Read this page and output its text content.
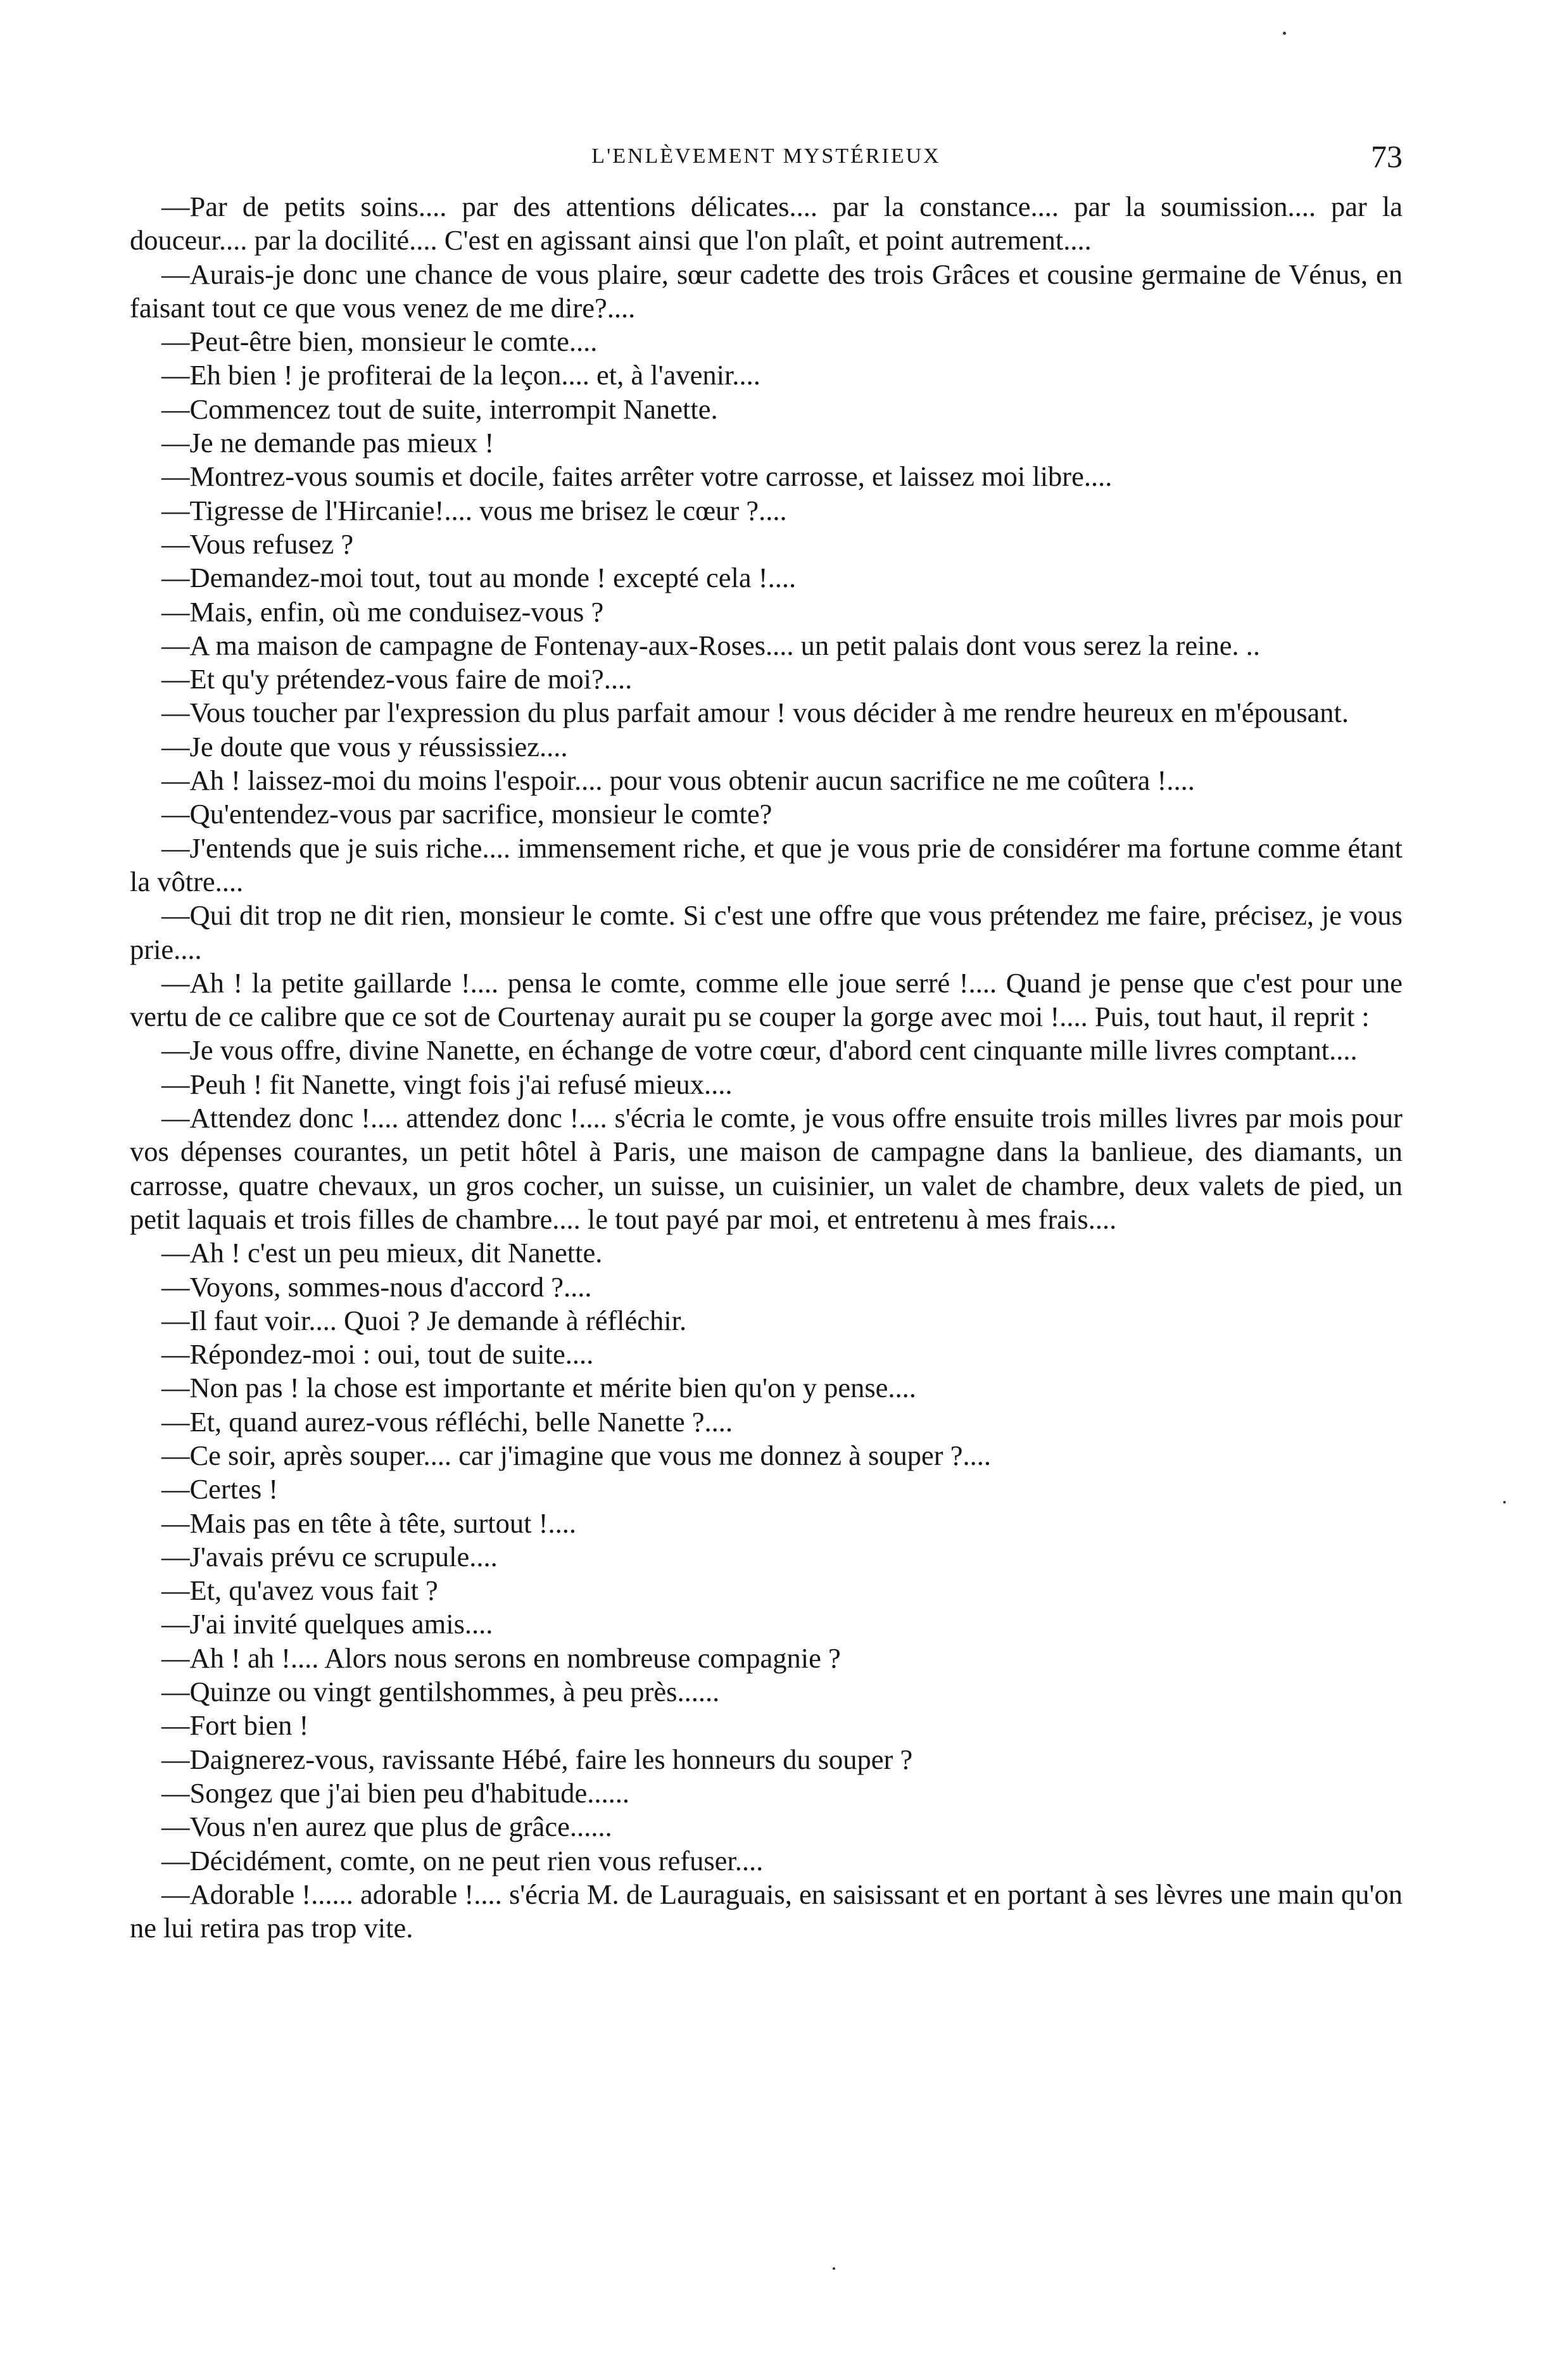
L'ENLÈVEMENT MYSTÉRIEUX	73

—Par de petits soins.... par des attentions délicates.... par la constance.... par la soumission.... par la douceur.... par la docilité.... C'est en agissant ainsi que l'on plaît, et point autrement....

—Aurais-je donc une chance de vous plaire, sœur cadette des trois Grâces et cousine germaine de Vénus, en faisant tout ce que vous venez de me dire?....

—Peut-être bien, monsieur le comte....

—Eh bien ! je profiterai de la leçon.... et, à l'avenir....

—Commencez tout de suite, interrompit Nanette.

—Je ne demande pas mieux !

—Montrez-vous soumis et docile, faites arrêter votre carrosse, et laissez moi libre....

—Tigresse de l'Hircanie!.... vous me brisez le cœur ?....

—Vous refusez ?

—Demandez-moi tout, tout au monde ! excepté cela !....

—Mais, enfin, où me conduisez-vous ?

—A ma maison de campagne de Fontenay-aux-Roses.... un petit palais dont vous serez la reine. ..

—Et qu'y prétendez-vous faire de moi?....

—Vous toucher par l'expression du plus parfait amour ! vous décider à me rendre heureux en m'épousant.

—Je doute que vous y réussissiez....

—Ah ! laissez-moi du moins l'espoir.... pour vous obtenir aucun sacrifice ne me coûtera !....

—Qu'entendez-vous par sacrifice, monsieur le comte?

—J'entends que je suis riche.... immensement riche, et que je vous prie de considérer ma fortune comme étant la vôtre....

—Qui dit trop ne dit rien, monsieur le comte. Si c'est une offre que vous prétendez me faire, précisez, je vous prie....

—Ah ! la petite gaillarde !.... pensa le comte, comme elle joue serré !.... Quand je pense que c'est pour une vertu de ce calibre que ce sot de Courtenay aurait pu se couper la gorge avec moi !.... Puis, tout haut, il reprit :

—Je vous offre, divine Nanette, en échange de votre cœur, d'abord cent cinquante mille livres comptant....

—Peuh ! fit Nanette, vingt fois j'ai refusé mieux....

—Attendez donc !.... attendez donc !.... s'écria le comte, je vous offre ensuite trois milles livres par mois pour vos dépenses courantes, un petit hôtel à Paris, une maison de campagne dans la banlieue, des diamants, un carrosse, quatre chevaux, un gros cocher, un suisse, un cuisinier, un valet de chambre, deux valets de pied, un petit laquais et trois filles de chambre.... le tout payé par moi, et entretenu à mes frais....

—Ah ! c'est un peu mieux, dit Nanette.

—Voyons, sommes-nous d'accord ?....

—Il faut voir.... Quoi ? Je demande à réfléchir.

—Répondez-moi : oui, tout de suite....

—Non pas ! la chose est importante et mérite bien qu'on y pense....

—Et, quand aurez-vous réfléchi, belle Nanette ?....

—Ce soir, après souper.... car j'imagine que vous me donnez à souper ?....

—Certes !

—Mais pas en tête à tête, surtout !....

—J'avais prévu ce scrupule....

—Et, qu'avez vous fait ?

—J'ai invité quelques amis....

—Ah ! ah !.... Alors nous serons en nombreuse compagnie ?

—Quinze ou vingt gentilshommes, à peu près......

—Fort bien !

—Daignerez-vous, ravissante Hébé, faire les honneurs du souper ?

—Songez que j'ai bien peu d'habitude......

—Vous n'en aurez que plus de grâce......

—Décidément, comte, on ne peut rien vous refuser....

—Adorable !...... adorable !.... s'écria M. de Lauraguais, en saisissant et en portant à ses lèvres une main qu'on ne lui retira pas trop vite.
